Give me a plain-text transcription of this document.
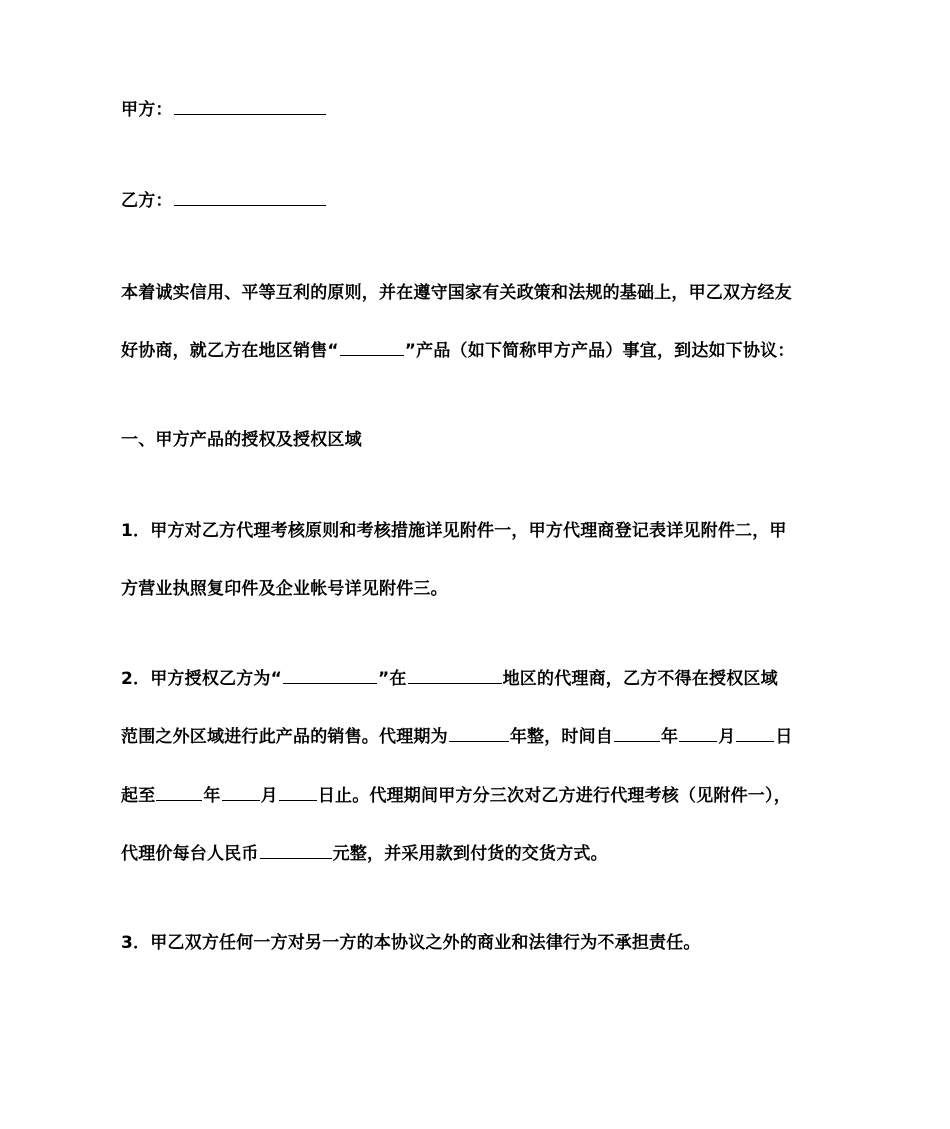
甲方：
乙方：
本着诚实信用、平等互利的原则，并在遵守国家有关政策和法规的基础上，甲乙双方经友
好协商，就乙方在地区销售“	”产品（如下简称甲方产品）事宜，到达如下协议：
一、甲方产品的授权及授权区域
1．甲方对乙方代理考核原则和考核措施详见附件一，甲方代理商登记表详见附件二，甲
方营业执照复印件及企业帐号详见附件三。
2．甲方授权乙方为“	”在	地区的代理商，乙方不得在授权区域
范围之外区域进行此产品的销售。代理期为	年整，时间自	年 月 日
起至	年 月 日止。代理期间甲方分三次对乙方进行代理考核（见附件一），
代理价每台人民币	元整，并采用款到付货的交货方式。
3．甲乙双方任何一方对另一方的本协议之外的商业和法律行为不承担责任。
